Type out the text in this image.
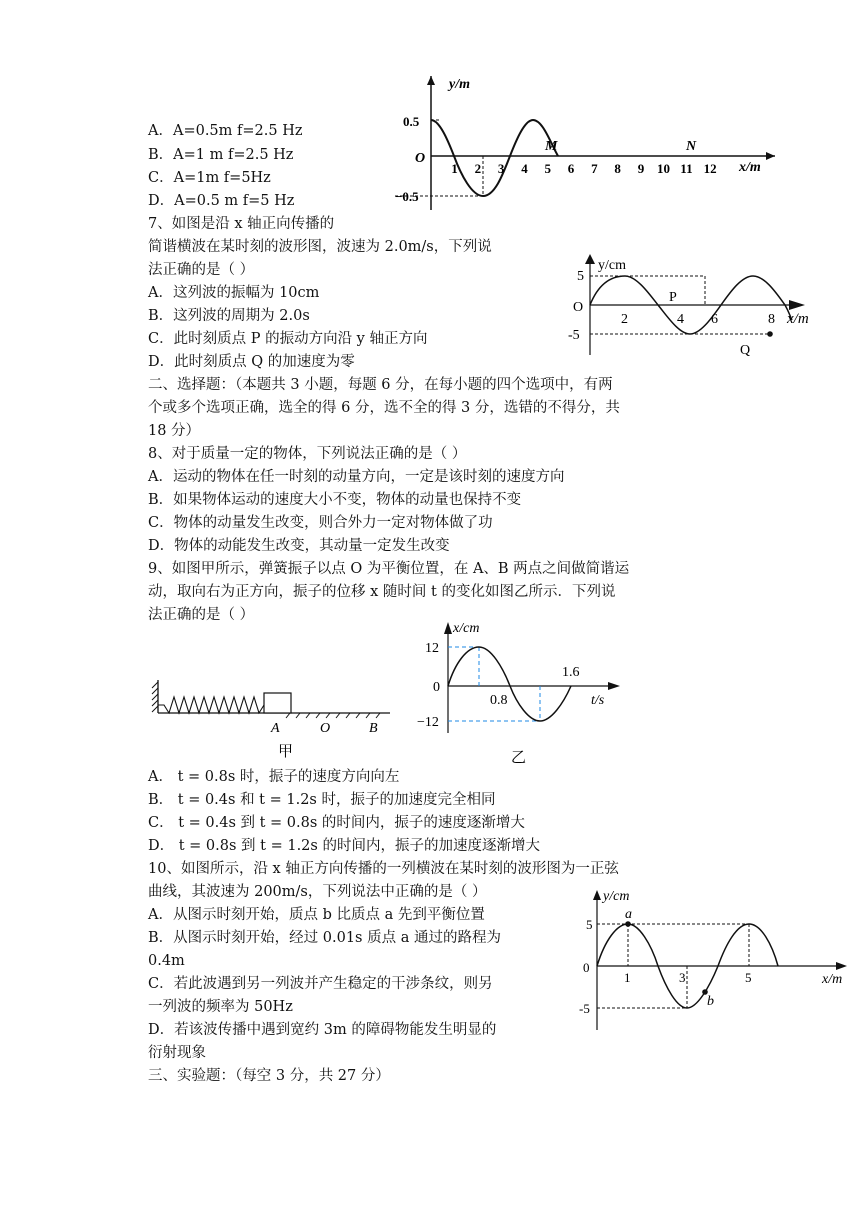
A．A=0.5m f=2.5 Hz
B．A=1 m f=2.5 Hz
C．A=1m f=5Hz
D．A=0.5 m f=5 Hz
7、如图是沿 x 轴正向传播的
简谐横波在某时刻的波形图，波速为 2.0m/s，下列说
法正确的是（ ）
A．这列波的振幅为 10cm
B．这列波的周期为 2.0s
C．此时刻质点 P 的振动方向沿 y 轴正方向
D．此时刻质点 Q 的加速度为零
二、选择题：（本题共 3 小题，每题 6 分，在每小题的四个选项中，有两
个或多个选项正确，选全的得 6 分，选不全的得 3 分，选错的不得分，共
18 分）
8、对于质量一定的物体，下列说法正确的是（ ）
A．运动的物体在任一时刻的动量方向，一定是该时刻的速度方向
B．如果物体运动的速度大小不变，物体的动量也保持不变
C．物体的动量发生改变，则合外力一定对物体做了功
D．物体的动能发生改变，其动量一定发生改变
9、如图甲所示，弹簧振子以点 O 为平衡位置，在 A、B 两点之间做简谐运
动，取向右为正方向，振子的位移 x 随时间 t 的变化如图乙所示．下列说
法正确的是（ ）
A． t = 0.8s 时，振子的速度方向向左
B． t = 0.4s 和 t = 1.2s 时，振子的加速度完全相同
C． t = 0.4s 到 t = 0.8s 的时间内，振子的速度逐渐增大
D． t = 0.8s 到 t = 1.2s 的时间内，振子的加速度逐渐增大
10、如图所示，沿 x 轴正方向传播的一列横波在某时刻的波形图为一正弦
曲线，其波速为 200m/s，下列说法中正确的是（ ）
A．从图示时刻开始，质点 b 比质点 a 先到平衡位置
B．从图示时刻开始，经过 0.01s 质点 a 通过的路程为
0.4m
C．若此波遇到另一列波并产生稳定的干涉条纹，则另
一列波的频率为 50Hz
D．若该波传播中遇到宽约 3m 的障碍物能发生明显的
衍射现象
三、实验题：（每空 3 分，共 27 分）
y/m
x/m
O
0.5
−0.5
1 2 3 4 5 6 7 8 9 10 11 12
M	N
y/cm
x/m
O
5
-5
2	4 6	8
P
Q
A	O	B
甲
x/cm
t/s
0
12
−12
0.8
1.6
乙
y/cm
x/m
0
5
-5
1	3	5
a
b
